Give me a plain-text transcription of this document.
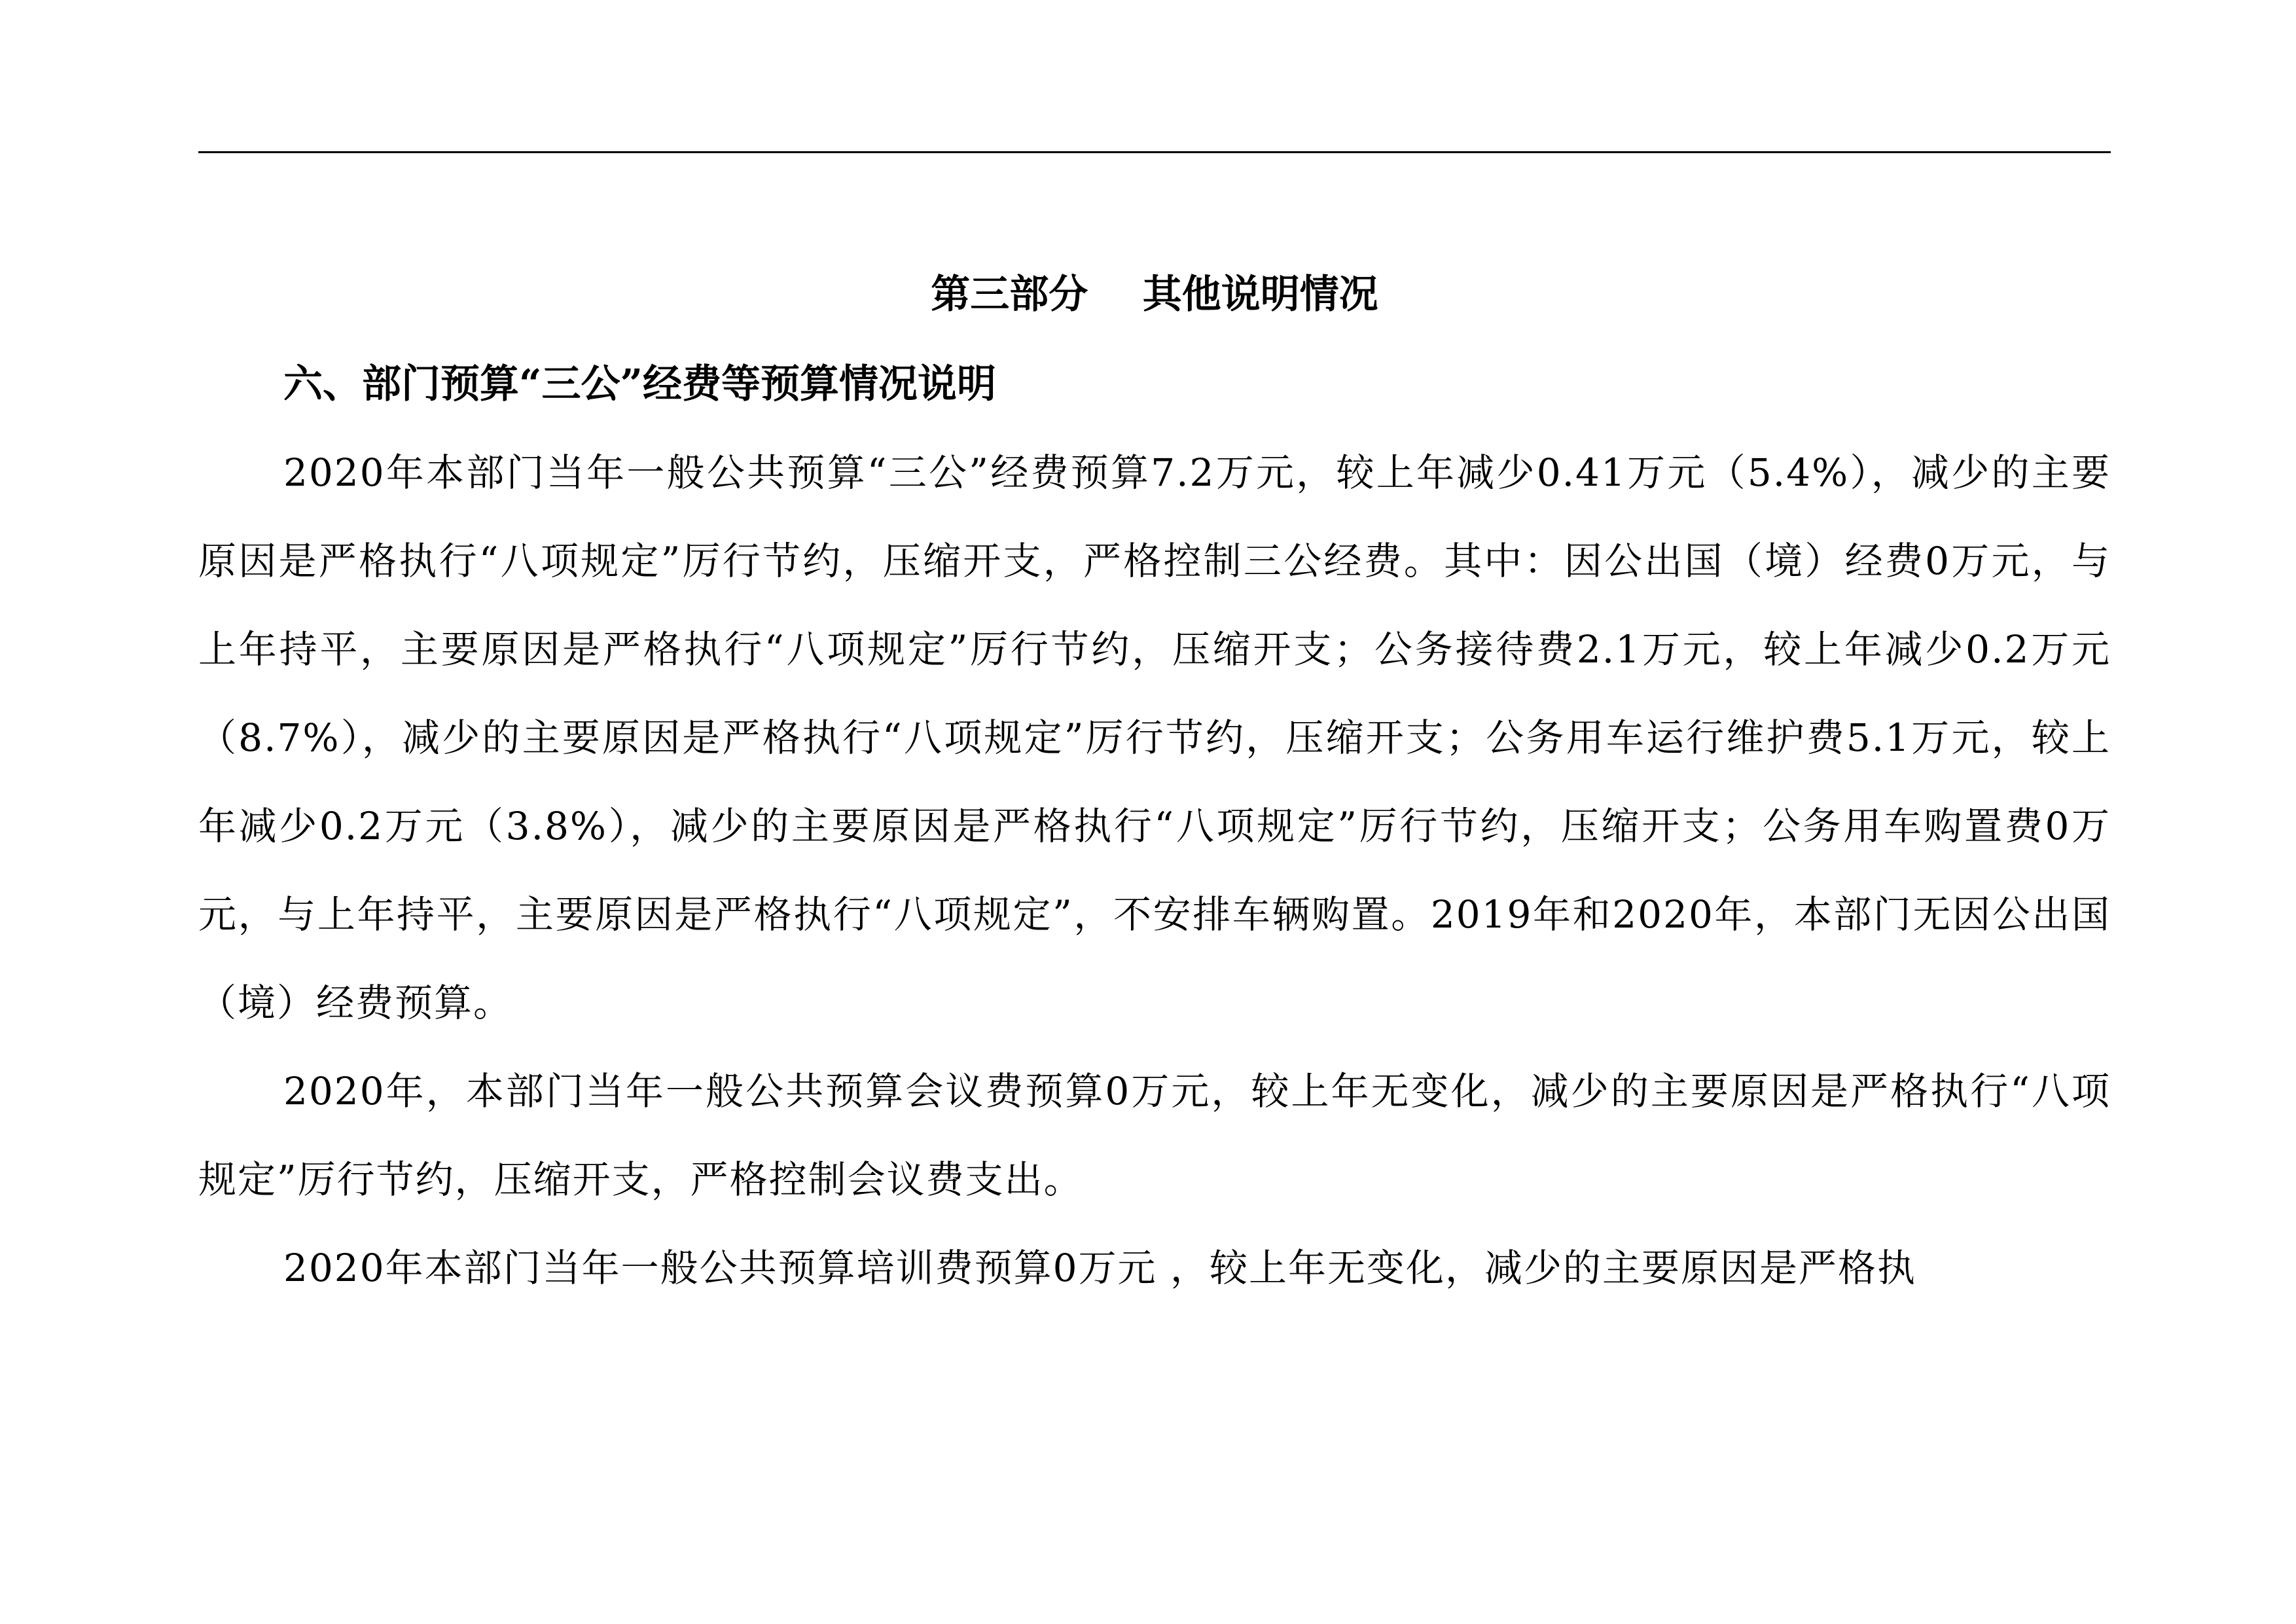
第三部分    其他说明情况
六、部门预算“三公”经费等预算情况说明

2020年本部门当年一般公共预算“三公”经费预算7.2万元，较上年减少0.41万元（5.4%），减少的主要原因是严格执行“八项规定”厉行节约，压缩开支，严格控制三公经费。其中：因公出国（境）经费0万元，与上年持平，主要原因是严格执行“八项规定”厉行节约，压缩开支；公务接待费2.1万元，较上年减少0.2万元（8.7%），减少的主要原因是严格执行“八项规定”厉行节约，压缩开支；公务用车运行维护费5.1万元，较上年减少0.2万元（3.8%），减少的主要原因是严格执行“八项规定”厉行节约，压缩开支；公务用车购置费0万元，与上年持平，主要原因是严格执行“八项规定”，不安排车辆购置。2019年和2020年，本部门无因公出国（境）经费预算。

2020年，本部门当年一般公共预算会议费预算0万元，较上年无变化，减少的主要原因是严格执行“八项规定”厉行节约，压缩开支，严格控制会议费支出。

2020年本部门当年一般公共预算培训费预算0万元 ，较上年无变化，减少的主要原因是严格执
